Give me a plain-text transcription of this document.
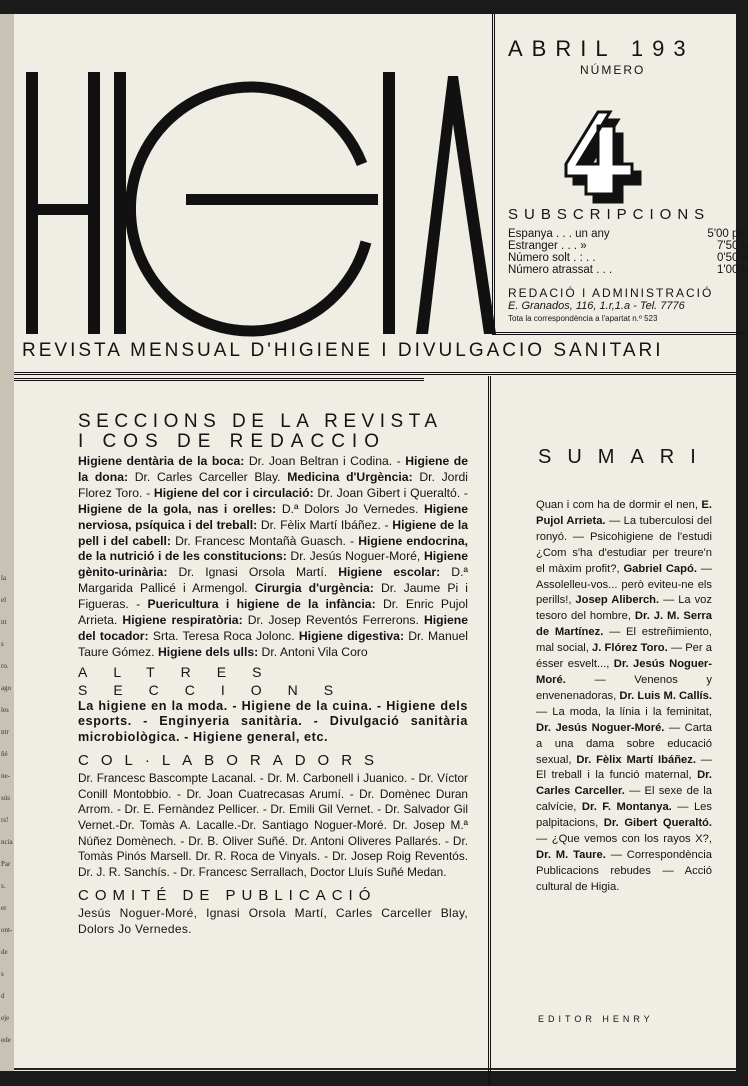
la
el
nt
s
ro.
ago
les
ntr
ñé
ne-
sús
rs!
ncia
Par
s.
er
ont-
de
s
d
eje
ede
ABRIL 193
NÚMERO
SUBSCRIPCIONS
Espanya . . . un any	5'00 pte
Estranger . . . »	7'50 »
Número solt . : . .	0'50 »
Número atrassat . . .	1'00 »
REDACIÓ I ADMINISTRACIÓ
E. Granados, 116, 1.r,1.a - Tel. 7776
Tota la correspondència a l'apartat n.º 523
REVISTA MENSUAL D'HIGIENE I DIVULGACIO SANITARI
SECCIONS DE LA REVISTA
I COS DE REDACCIO
Higiene dentària de la boca: Dr. Joan Beltran i Codina. - Higiene de la dona: Dr. Carles Carceller Blay. Medicina d'Urgència: Dr. Jordi Florez Toro. - Higiene del cor i circulació: Dr. Joan Gibert i Queraltó. - Higiene de la gola, nas i orelles: D.ª Dolors Jo Vernedes. Higiene nerviosa, psíquica i del treball: Dr. Fèlix Martí Ibáñez. - Higiene de la pell i del cabell: Dr. Francesc Montañà Guasch. - Higiene endocrina, de la nutrició i de les constitucions: Dr. Jesús Noguer-Moré, Higiene gènito-urinària: Dr. Ignasi Orsola Martí. Higiene escolar: D.ª Margarida Pallicé i Armengol. Cirurgia d'urgència: Dr. Jaume Pi i Figueras. - Puericultura i higiene de la infància: Dr. Enric Pujol Arrieta. Higiene respiratòria: Dr. Josep Reventós Ferrerons. Higiene del tocador: Srta. Teresa Roca Jolonc. Higiene digestiva: Dr. Manuel Taure Gómez. Higiene dels ulls: Dr. Antoni Vila Coro
ALTRES SECCIONS
La higiene en la moda. - Higiene de la cuina. - Higiene dels esports. - Enginyeria sanitària. - Divulgació sanitària microbiològica. - Higiene general, etc.
COL·LABORADORS
Dr. Francesc Bascompte Lacanal. - Dr. M. Carbonell i Juanico. - Dr. Víctor Conill Montobbio. - Dr. Joan Cuatrecasas Arumí. - Dr. Domènec Duran Arrom. - Dr. E. Fernàndez Pellicer. - Dr. Emili Gil Vernet. - Dr. Salvador Gil Vernet.-Dr. Tomàs A. Lacalle.-Dr. Santiago Noguer-Moré. Dr. Josep M.ª Núñez Domènech. - Dr. B. Oliver Suñé. Dr. Antoni Oliveres Pallarés. - Dr. Tomàs Pinós Marsell. Dr. R. Roca de Vinyals. - Dr. Josep Roig Reventós. Dr. J. R. Sanchís. - Dr. Francesc Serrallach, Doctor Lluís Suñé Medan.
COMITÉ DE PUBLICACIÓ
Jesús Noguer-Moré, Ignasi Orsola Martí, Carles Carceller Blay, Dolors Jo Vernedes.
SUMARI
Quan i com ha de dormir el nen, E. Pujol Arrieta. — La tuberculosi del ronyó. — Psicohigiene de l'estudi ¿Com s'ha d'estudiar per treure'n el màxim profit?, Gabriel Capó. — Assolelleu-vos... però eviteu-ne els perills!, Josep Aliberch. — La voz tesoro del hombre, Dr. J. M. Serra de Martínez. — El estreñimiento, mal social, J. Flórez Toro. — Per a ésser esvelt..., Dr. Jesús Noguer-Moré. — Venenos y envenenadoras, Dr. Luis M. Callís. — La moda, la línia i la feminitat, Dr. Jesús Noguer-Moré. — Carta a una dama sobre educació sexual, Dr. Fèlix Martí Ibáñez. — El treball i la funció maternal, Dr. Carles Carceller. — El sexe de la calvície, Dr. F. Montanya. — Les palpitacions, Dr. Gibert Queraltó. — ¿Que vemos con los rayos X?, Dr. M. Taure. — Correspondència Publicacions rebudes — Acció cultural de Higia.
EDITOR HENRY
